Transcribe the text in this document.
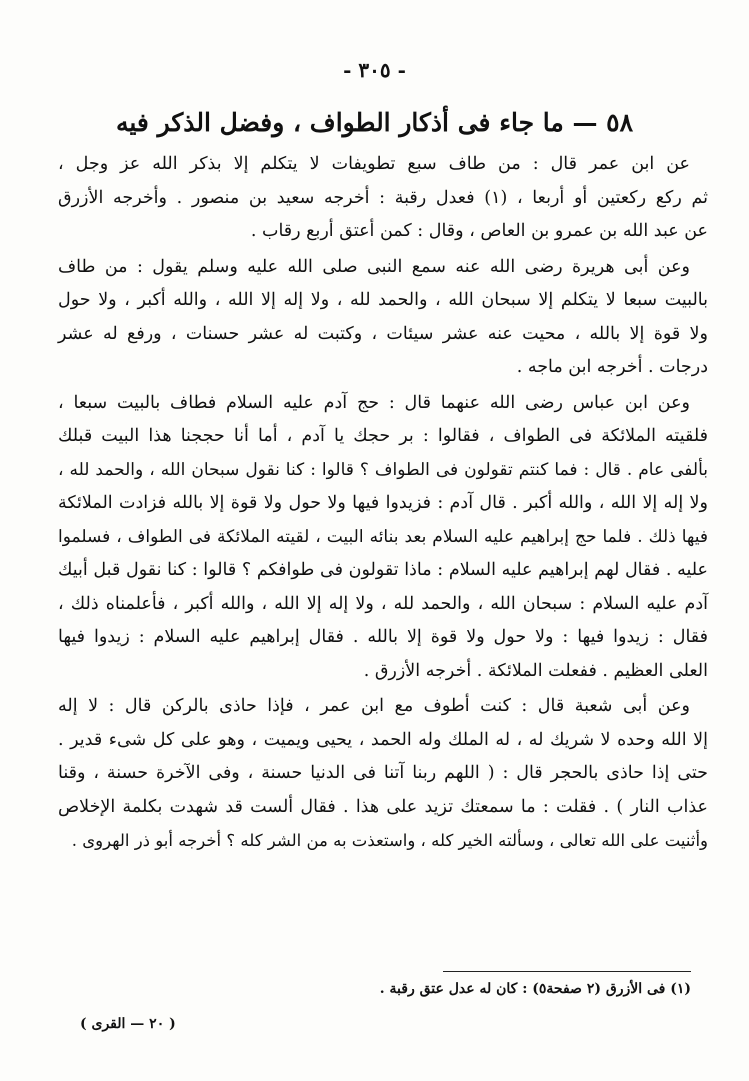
- ٣٠٥ -
٥٨ — ما جاء فى أذكار الطواف ، وفضل الذكر فيه
عن ابن عمر قال : من طاف سبع تطويفات لا يتكلم إلا بذكر الله عز وجل ،
ثم ركع ركعتين أو أربعا ، (١) فعدل رقبة : أخرجه سعيد بن منصور . وأخرجه الأزرق
عن عبد الله بن عمرو بن العاص ، وقال : كمن أعتق أربع رقاب .
وعن أبى هريرة رضى الله عنه سمع النبى صلى الله عليه وسلم يقول : من طاف
بالبيت سبعا لا يتكلم إلا سبحان الله ، والحمد لله ، ولا إله إلا الله ، والله أكبر ، ولا حول
ولا قوة إلا بالله ، محيت عنه عشر سيئات ، وكتبت له عشر حسنات ، ورفع له عشر
درجات . أخرجه ابن ماجه .
وعن ابن عباس رضى الله عنهما قال : حج آدم عليه السلام فطاف بالبيت سبعا ،
فلقيته الملائكة فى الطواف ، فقالوا : بر حجك يا آدم ، أما أنا حججنا هذا البيت قبلك
بألفى عام . قال : فما كنتم تقولون فى الطواف ؟ قالوا : كنا نقول سبحان الله ، والحمد لله ،
ولا إله إلا الله ، والله أكبر . قال آدم : فزيدوا فيها ولا حول ولا قوة إلا بالله فزادت الملائكة
فيها ذلك . فلما حج إبراهيم عليه السلام بعد بنائه البيت ، لقيته الملائكة فى الطواف ، فسلموا
عليه . فقال لهم إبراهيم عليه السلام : ماذا تقولون فى طوافكم ؟ قالوا : كنا نقول قبل أبيك
آدم عليه السلام : سبحان الله ، والحمد لله ، ولا إله إلا الله ، والله أكبر ، فأعلمناه ذلك ،
فقال : زيدوا فيها : ولا حول ولا قوة إلا بالله . فقال إبراهيم عليه السلام : زيدوا فيها
العلى العظيم . ففعلت الملائكة . أخرجه الأزرق .
وعن أبى شعبة قال : كنت أطوف مع ابن عمر ، فإذا حاذى بالركن قال : لا إله
إلا الله وحده لا شريك له ، له الملك وله الحمد ، يحيى ويميت ، وهو على كل شىء قدير .
حتى إذا حاذى بالحجر قال : ( اللهم ربنا آتنا فى الدنيا حسنة ، وفى الآخرة حسنة ، وقنا
عذاب النار ) . فقلت : ما سمعتك تزيد على هذا . فقال ألست قد شهدت بكلمة الإخلاص
وأثنيت على الله تعالى ، وسألته الخير كله ، واستعذت به من الشر كله ؟ أخرجه أبو ذر الهروى .
(١) فى الأزرق (٢ صفحة٥) : كان له عدل عتق رقبة .
( ٢٠ — القرى )
